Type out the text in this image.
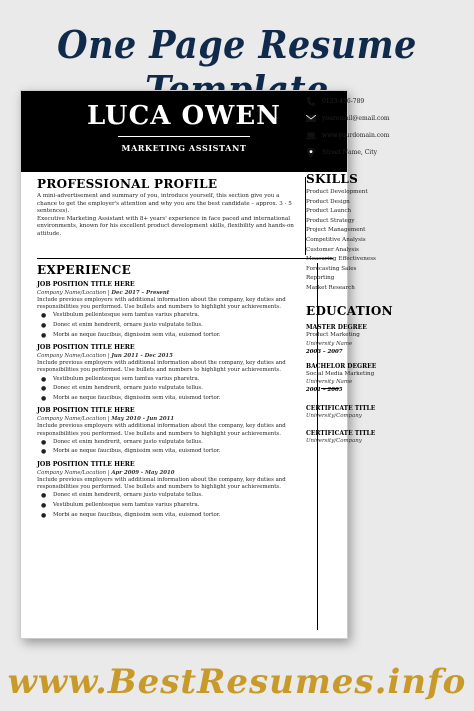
One Page Resume
LUCA OWEN
MARKETING ASSISTANT
PROFESSIONAL PROFILE
A mini-advertisement and summary of you, introduce yourself, this section give you a chance to get the employer's attention and why you are the best candidate – approx. 3 - 5 sentences).
Executive Marketing Assistant with 8+ years' experience in face paced and international environments, known for his excellent product development skills, flexibility and hands-on attitude.
EXPERIENCE
JOB POSITION TITLE HERE
Company Name/Location | Dec 2017 – Present
Include previous employers with additional information about the company, key duties and responsibilities you performed. Use bullets and numbers to highlight your achievements.
●	Vestibulum pellentesque sem tamtus varius pharetra.
●	Donec et enim hendrerit, ornare justo vulputate tellus.
●	Morbi ae neque faucibus, dignissim sem vita, euismod tortor.
JOB POSITION TITLE HERE
Company Name/Location | Jun 2011 - Dec 2015
Include previous employers with additional information about the company, key duties and responsibilities you performed. Use bullets and numbers to highlight your achievements.
●	Vestibulum pellentesque sem tamtus varius pharetra.
●	Donec et enim hendrerit, ornare justo vulputate tellus.
●	Morbi ae neque faucibus, dignissim sem vita, euismod tortor.
JOB POSITION TITLE HERE
Company Name/Location | May 2010 - Jun 2011
Include previous employers with additional information about the company, key duties and responsibilities you performed. Use bullets and numbers to highlight your achievements.
●	Donec et enim hendrerit, ornare justo vulputate tellus.
●	Morbi ae neque faucibus, dignissim sem vita, euismod tortor.
JOB POSITION TITLE HERE
Company Name/Location | Apr 2009 - May 2010
Include previous employers with additional information about the company, key duties and responsibilities you performed. Use bullets and numbers to highlight your achievements.
●	Donec et enim hendrerit, ornare justo vulputate tellus.
●	Vestibulum pellentesque sem tamtus varius pharetra.
●	Morbi ae neque faucibus, dignissim sem vita, euismod tortor.
0123-456-789
youremail@email.com
www.yourdomain.com
Street Name, City
SKILLS
Product Development
Product Design
Product Launch
Product Strategy
Project Management
Competitive Analysis
Customer Analysis
Measuring Effectiveness
Forecasting Sales
Reporting
Market Research
EDUCATION
MASTER DEGREE
Product Marketing
University Name
2003 – 2007
BACHELOR DEGREE
Social Media Marketing
University Name
2001 – 2005
CERTIFICATE TITLE
University/Company
CERTIFICATE TITLE
University/Company
www.BestResumes.info
